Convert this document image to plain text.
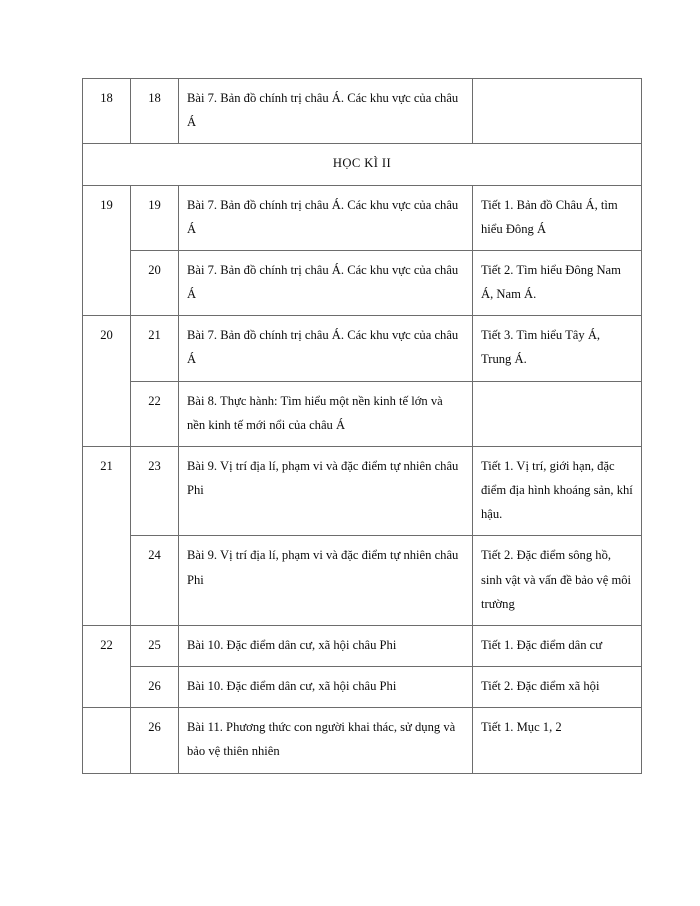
18	18	Bài 7. Bản đồ chính trị châu Á. Các khu vực của châu Á	
HỌC KÌ II			
19	19	Bài 7. Bản đồ chính trị châu Á. Các khu vực của châu Á	Tiết 1. Bản đồ Châu Á, tìm hiểu Đông Á
	20	Bài 7. Bản đồ chính trị châu Á. Các khu vực của châu Á	Tiết 2. Tìm hiểu Đông Nam Á, Nam Á.
20	21	Bài 7. Bản đồ chính trị châu Á. Các khu vực của châu Á	Tiết 3. Tìm hiểu Tây Á, Trung Á.
	22	Bài 8. Thực hành: Tìm hiểu một nền kinh tế lớn và nền kinh tế mới nổi của châu Á	
21	23	Bài 9. Vị trí địa lí, phạm vi và đặc điểm tự nhiên châu Phi	Tiết 1. Vị trí, giới hạn, đặc điểm địa hình khoáng sản, khí hậu.
	24	Bài 9. Vị trí địa lí, phạm vi và đặc điểm tự nhiên châu Phi	Tiết 2. Đặc điểm sông hồ, sinh vật và vấn đề bảo vệ môi trường
22	25	Bài 10. Đặc điểm dân cư, xã hội châu Phi	Tiết 1. Đặc điểm dân cư
	26	Bài 10. Đặc điểm dân cư, xã hội châu Phi	Tiết 2. Đặc điểm xã hội
	26	Bài 11. Phương thức con người khai thác, sử dụng và bảo vệ thiên nhiên	Tiết 1. Mục 1, 2
